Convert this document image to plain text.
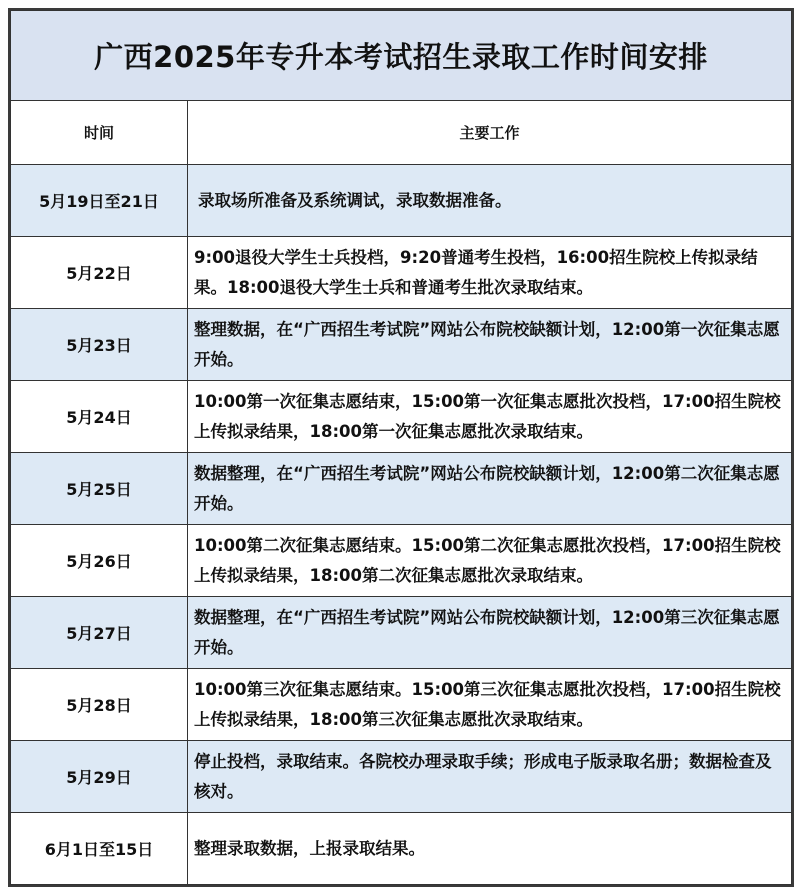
广西2025年专升本考试招生录取工作时间安排	
时间	主要工作
5月19日至21日	录取场所准备及系统调试，录取数据准备。
5月22日	9:00退役大学生士兵投档，9:20普通考生投档，16:00招生院校上传拟录结果。18:00退役大学生士兵和普通考生批次录取结束。
5月23日	整理数据，在“广西招生考试院”网站公布院校缺额计划，12:00第一次征集志愿开始。
5月24日	10:00第一次征集志愿结束，15:00第一次征集志愿批次投档，17:00招生院校上传拟录结果，18:00第一次征集志愿批次录取结束。
5月25日	数据整理，在“广西招生考试院”网站公布院校缺额计划，12:00第二次征集志愿开始。
5月26日	10:00第二次征集志愿结束。15:00第二次征集志愿批次投档，17:00招生院校上传拟录结果，18:00第二次征集志愿批次录取结束。
5月27日	数据整理，在“广西招生考试院”网站公布院校缺额计划，12:00第三次征集志愿开始。
5月28日	10:00第三次征集志愿结束。15:00第三次征集志愿批次投档，17:00招生院校上传拟录结果，18:00第三次征集志愿批次录取结束。
5月29日	停止投档，录取结束。各院校办理录取手续；形成电子版录取名册；数据检查及核对。
6月1日至15日	整理录取数据，上报录取结果。
